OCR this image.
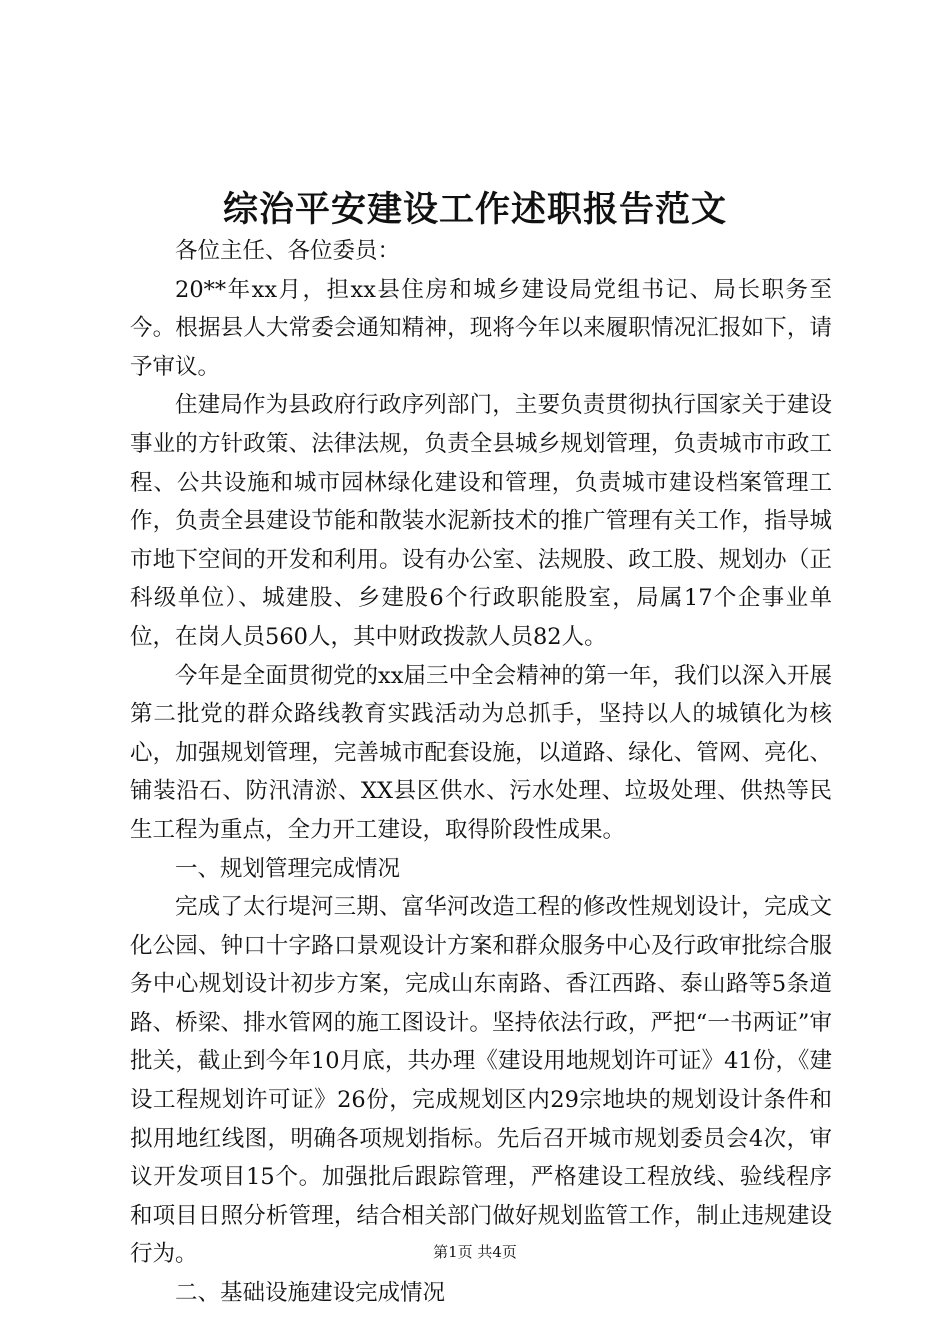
综治平安建设工作述职报告范文

各位主任、各位委员：

20**年xx月，担xx县住房和城乡建设局党组书记、局长职务至今。根据县人大常委会通知精神，现将今年以来履职情况汇报如下，请予审议。

住建局作为县政府行政序列部门，主要负责贯彻执行国家关于建设事业的方针政策、法律法规，负责全县城乡规划管理，负责城市市政工程、公共设施和城市园林绿化建设和管理，负责城市建设档案管理工作，负责全县建设节能和散装水泥新技术的推广管理有关工作，指导城市地下空间的开发和利用。设有办公室、法规股、政工股、规划办（正科级单位）、城建股、乡建股6个行政职能股室，局属17个企事业单位，在岗人员560人，其中财政拨款人员82人。

今年是全面贯彻党的xx届三中全会精神的第一年，我们以深入开展第二批党的群众路线教育实践活动为总抓手，坚持以人的城镇化为核心，加强规划管理，完善城市配套设施，以道路、绿化、管网、亮化、铺装沿石、防汛清淤、XX县区供水、污水处理、垃圾处理、供热等民生工程为重点，全力开工建设，取得阶段性成果。

一、规划管理完成情况

完成了太行堤河三期、富华河改造工程的修改性规划设计，完成文化公园、钟口十字路口景观设计方案和群众服务中心及行政审批综合服务中心规划设计初步方案，完成山东南路、香江西路、泰山路等5条道路、桥梁、排水管网的施工图设计。坚持依法行政，严把“一书两证”审批关，截止到今年10月底，共办理《建设用地规划许可证》41份，《建设工程规划许可证》26份，完成规划区内29宗地块的规划设计条件和拟用地红线图，明确各项规划指标。先后召开城市规划委员会4次，审议开发项目15个。加强批后跟踪管理，严格建设工程放线、验线程序和项目日照分析管理，结合相关部门做好规划监管工作，制止违规建设行为。

二、基础设施建设完成情况

第1页 共4页
